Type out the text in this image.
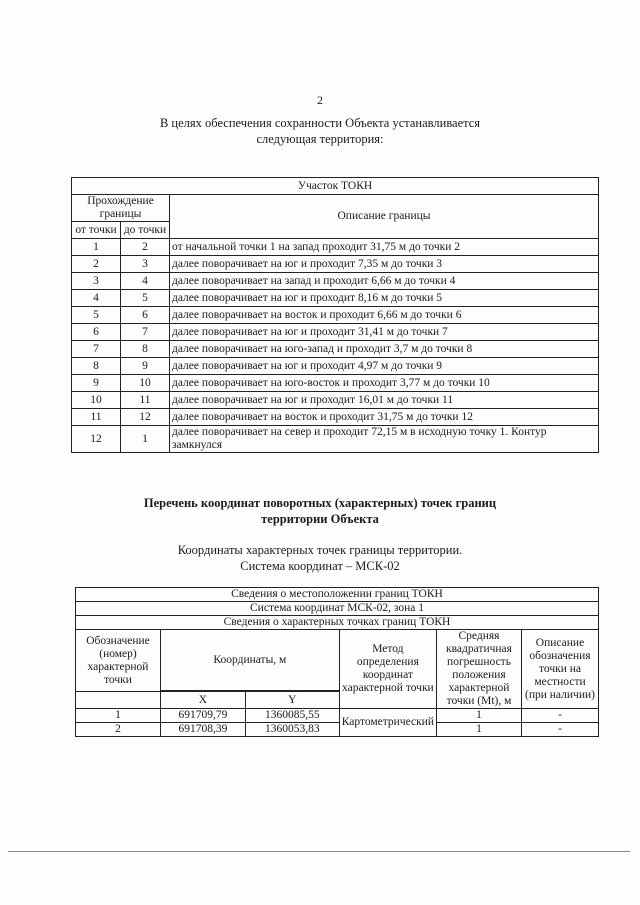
2
В целях обеспечения сохранности Объекта устанавливается
следующая территория:
Участок ТОКН		
Прохождение границы		Описание границы
от точки	до точки	
1	2	от начальной точки 1 на запад проходит 31,75 м до точки 2
2	3	далее поворачивает на юг и проходит 7,35 м до точки 3
3	4	далее поворачивает на запад и проходит 6,66 м до точки 4
4	5	далее поворачивает на юг и проходит 8,16 м до точки 5
5	6	далее поворачивает на восток и проходит 6,66 м до точки 6
6	7	далее поворачивает на юг и проходит 31,41 м до точки 7
7	8	далее поворачивает на юго-запад и проходит 3,7 м до точки 8
8	9	далее поворачивает на юг и проходит 4,97 м до точки 9
9	10	далее поворачивает на юго-восток и проходит 3,77 м до точки 10
10	11	далее поворачивает на юг и проходит 16,01 м до точки 11
11	12	далее поворачивает на восток и проходит 31,75 м до точки 12
12	1	далее поворачивает на север и проходит 72,15 м в исходную точку 1. Контур замкнулся
Перечень координат поворотных (характерных) точек границ
территории Объекта
Координаты характерных точек границы территории.
Система координат – МСК-02
Сведения о местоположении границ ТОКН					
Система координат МСК-02, зона 1					
Сведения о характерных точках границ ТОКН					
Обозначение (номер) характерной точки	Координаты, м		Метод определения координат характерной точки	Средняя квадратичная погрешность положения характерной точки (Mt), м	Описание обозначения точки на местности (при наличии)

	X	Y			
1	691709,79	1360085,55	Картометрический	1	-
2	691708,39	1360053,83		1	-
